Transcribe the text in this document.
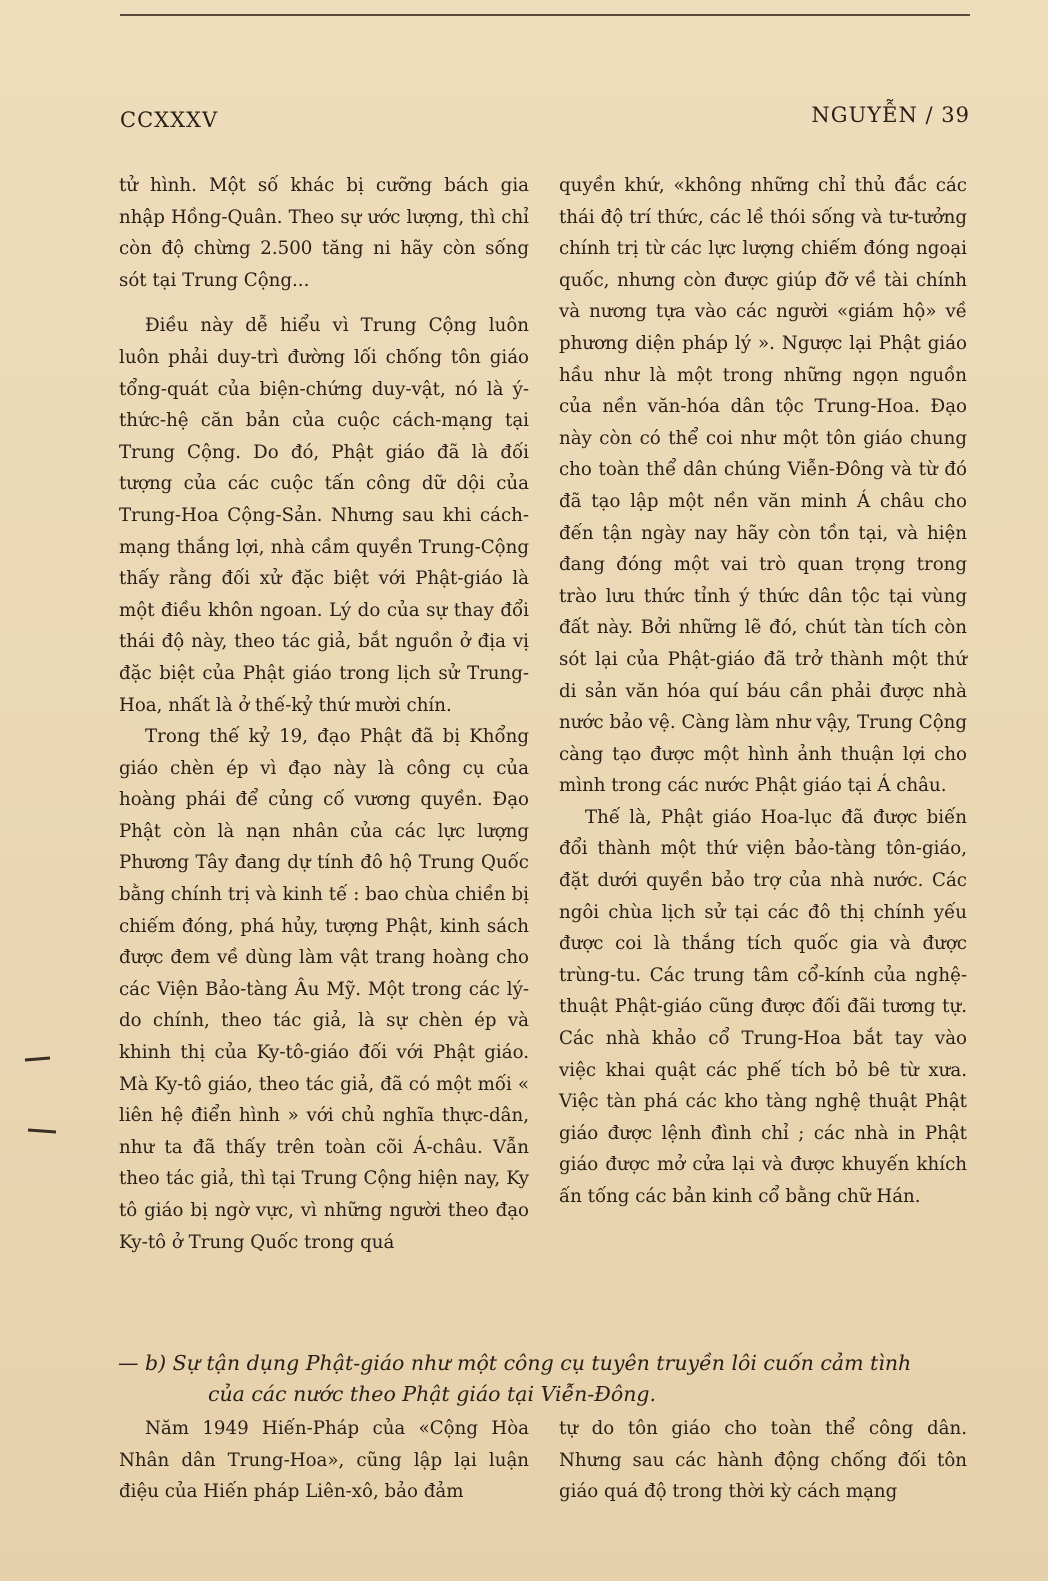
CCXXXV	NGUYỄN / 39

tử hình. Một số khác bị cưỡng bách gia nhập Hồng-Quân. Theo sự ước lượng, thì chỉ còn độ chừng 2.500 tăng ni hãy còn sống sót tại Trung Cộng...

Điều này dễ hiểu vì Trung Cộng luôn luôn phải duy-trì đường lối chống tôn giáo tổng-quát của biện-chứng duy-vật, nó là ý-thức-hệ căn bản của cuộc cách-mạng tại Trung Cộng. Do đó, Phật giáo đã là đối tượng của các cuộc tấn công dữ dội của Trung-Hoa Cộng-Sản. Nhưng sau khi cách-mạng thắng lợi, nhà cầm quyền Trung-Cộng thấy rằng đối xử đặc biệt với Phật-giáo là một điều khôn ngoan. Lý do của sự thay đổi thái độ này, theo tác giả, bắt nguồn ở địa vị đặc biệt của Phật giáo trong lịch sử Trung-Hoa, nhất là ở thế-kỷ thứ mười chín.

Trong thế kỷ 19, đạo Phật đã bị Khổng giáo chèn ép vì đạo này là công cụ của hoàng phái để củng cố vương quyền. Đạo Phật còn là nạn nhân của các lực lượng Phương Tây đang dự tính đô hộ Trung Quốc bằng chính trị và kinh tế : bao chùa chiền bị chiếm đóng, phá hủy, tượng Phật, kinh sách được đem về dùng làm vật trang hoàng cho các Viện Bảo-tàng Âu Mỹ. Một trong các lý-do chính, theo tác giả, là sự chèn ép và khinh thị của Ky-tô-giáo đối với Phật giáo. Mà Ky-tô giáo, theo tác giả, đã có một mối « liên hệ điển hình » với chủ nghĩa thực-dân, như ta đã thấy trên toàn cõi Á-châu. Vẫn theo tác giả, thì tại Trung Cộng hiện nay, Ky tô giáo bị ngờ vực, vì những người theo đạo Ky-tô ở Trung Quốc trong quá

quyền khứ, «không những chỉ thủ đắc các thái độ trí thức, các lề thói sống và tư-tưởng chính trị từ các lực lượng chiếm đóng ngoại quốc, nhưng còn được giúp đỡ về tài chính và nương tựa vào các người «giám hộ» về phương diện pháp lý ». Ngược lại Phật giáo hầu như là một trong những ngọn nguồn của nền văn-hóa dân tộc Trung-Hoa. Đạo này còn có thể coi như một tôn giáo chung cho toàn thể dân chúng Viễn-Đông và từ đó đã tạo lập một nền văn minh Á châu cho đến tận ngày nay hãy còn tồn tại, và hiện đang đóng một vai trò quan trọng trong trào lưu thức tỉnh ý thức dân tộc tại vùng đất này. Bởi những lẽ đó, chút tàn tích còn sót lại của Phật-giáo đã trở thành một thứ di sản văn hóa quí báu cần phải được nhà nước bảo vệ. Càng làm như vậy, Trung Cộng càng tạo được một hình ảnh thuận lợi cho mình trong các nước Phật giáo tại Á châu.

Thế là, Phật giáo Hoa-lục đã được biến đổi thành một thứ viện bảo-tàng tôn-giáo, đặt dưới quyền bảo trợ của nhà nước. Các ngôi chùa lịch sử tại các đô thị chính yếu được coi là thắng tích quốc gia và được trùng-tu. Các trung tâm cổ-kính của nghệ-thuật Phật-giáo cũng được đối đãi tương tự. Các nhà khảo cổ Trung-Hoa bắt tay vào việc khai quật các phế tích bỏ bê từ xưa. Việc tàn phá các kho tàng nghệ thuật Phật giáo được lệnh đình chỉ ; các nhà in Phật giáo được mở cửa lại và được khuyến khích ấn tống các bản kinh cổ bằng chữ Hán.

— b) Sự tận dụng Phật-giáo như một công cụ tuyên truyền lôi cuốn cảm tình
của các nước theo Phật giáo tại Viễn-Đông.

Năm 1949 Hiến-Pháp của «Cộng Hòa Nhân dân Trung-Hoa», cũng lập lại luận điệu của Hiến pháp Liên-xô, bảo đảm

tự do tôn giáo cho toàn thể công dân. Nhưng sau các hành động chống đối tôn giáo quá độ trong thời kỳ cách mạng
